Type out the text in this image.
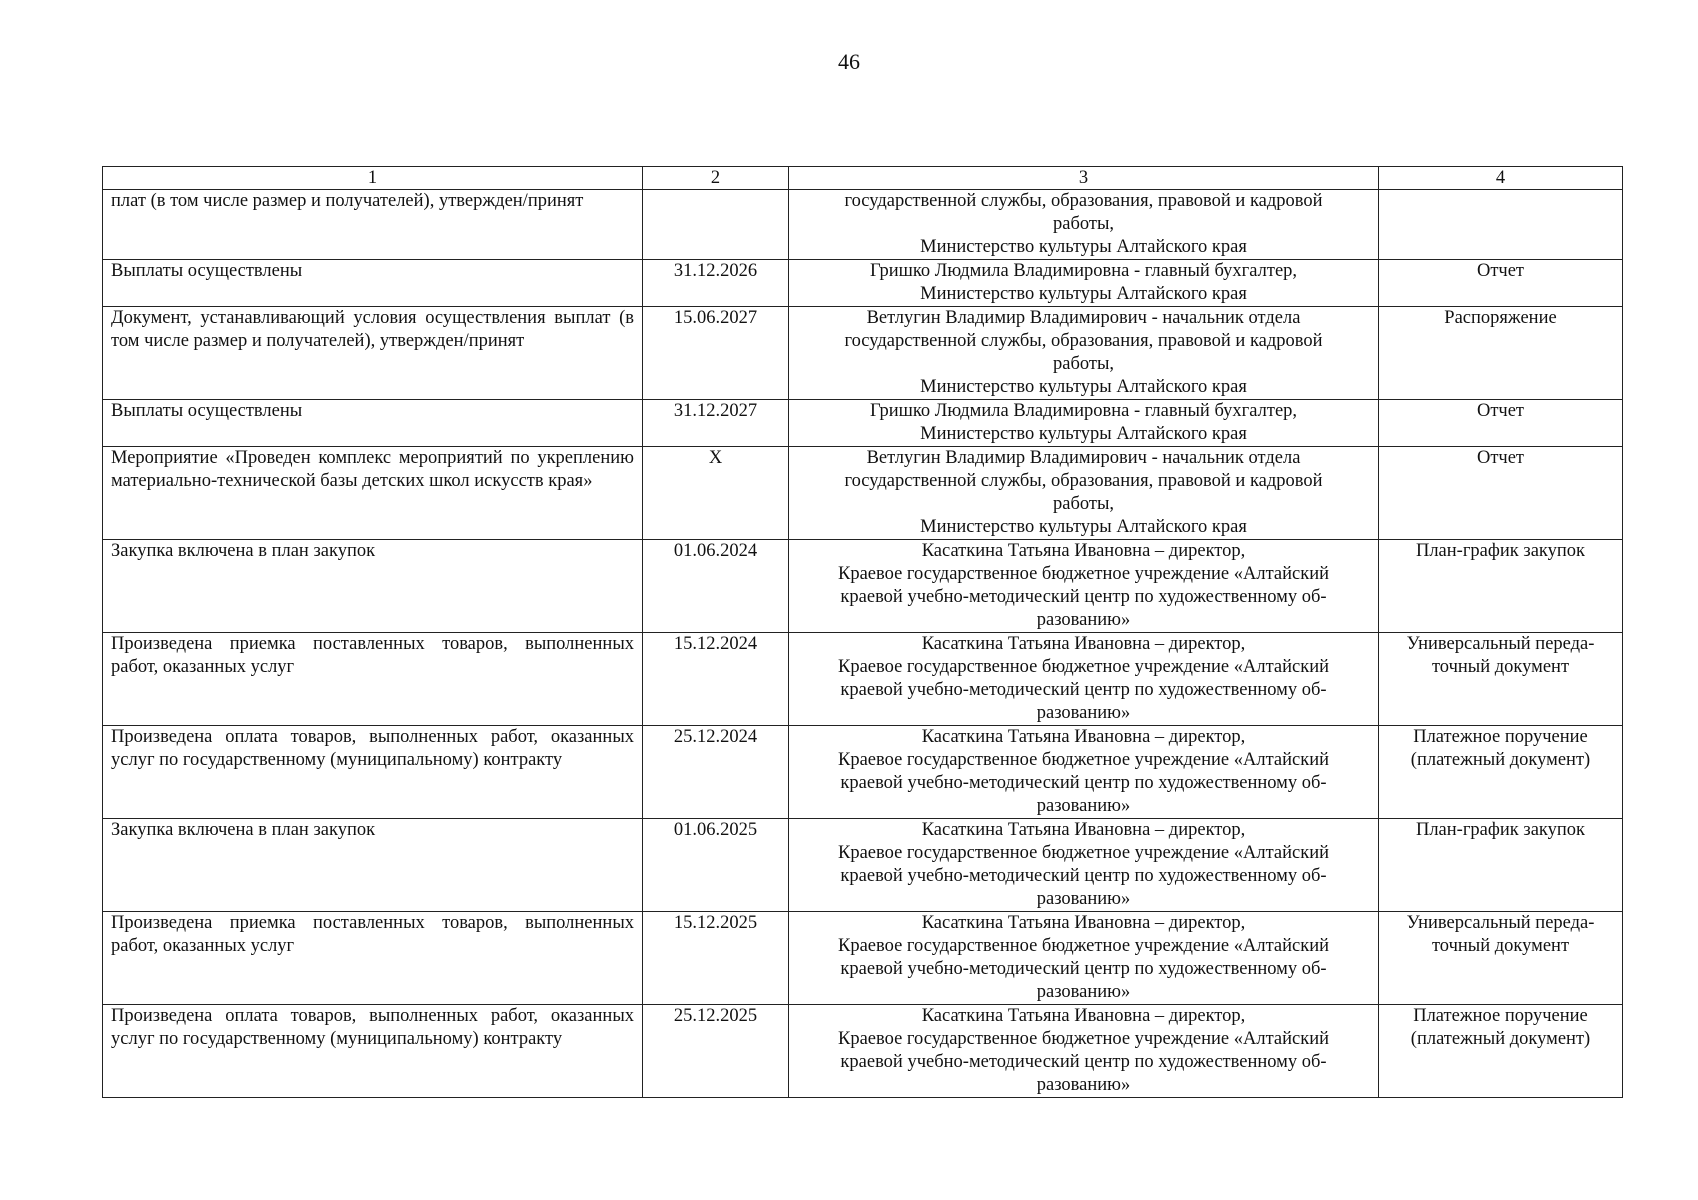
46
1	2	3	4
плат (в том числе размер и получателей), утвержден/принят		государственной службы, образования, правовой и кадровой
работы,
Министерство культуры Алтайского края	

Выплаты осуществлены	31.12.2026	Гришко Людмила Владимировна - главный бухгалтер,
Министерство культуры Алтайского края	Отчет
Документ, устанавливающий условия осуществления выплат (в том числе размер и получателей), утвержден/принят	15.06.2027	Ветлугин Владимир Владимирович - начальник отдела
государственной службы, образования, правовой и кадровой
работы,
Министерство культуры Алтайского края	Распоряжение
Выплаты осуществлены	31.12.2027	Гришко Людмила Владимировна - главный бухгалтер,
Министерство культуры Алтайского края	Отчет
Мероприятие «Проведен комплекс мероприятий по укреплению материально-технической базы детских школ искусств края»	X	Ветлугин Владимир Владимирович - начальник отдела
государственной службы, образования, правовой и кадровой
работы,
Министерство культуры Алтайского края	Отчет
Закупка включена в план закупок	01.06.2024	Касаткина Татьяна Ивановна – директор,
Краевое государственное бюджетное учреждение «Алтайский
краевой учебно-методический центр по художественному об-
разованию»	План-график закупок
Произведена приемка поставленных товаров, выполненных работ, оказанных услуг	15.12.2024	Касаткина Татьяна Ивановна – директор,
Краевое государственное бюджетное учреждение «Алтайский
краевой учебно-методический центр по художественному об-
разованию»	Универсальный переда-точный документ
Произведена оплата товаров, выполненных работ, оказанных услуг по государственному (муниципальному) контракту	25.12.2024	Касаткина Татьяна Ивановна – директор,
Краевое государственное бюджетное учреждение «Алтайский
краевой учебно-методический центр по художественному об-
разованию»	Платежное поручение (платежный документ)
Закупка включена в план закупок	01.06.2025	Касаткина Татьяна Ивановна – директор,
Краевое государственное бюджетное учреждение «Алтайский
краевой учебно-методический центр по художественному об-
разованию»	План-график закупок
Произведена приемка поставленных товаров, выполненных работ, оказанных услуг	15.12.2025	Касаткина Татьяна Ивановна – директор,
Краевое государственное бюджетное учреждение «Алтайский
краевой учебно-методический центр по художественному об-
разованию»	Универсальный переда-точный документ
Произведена оплата товаров, выполненных работ, оказанных услуг по государственному (муниципальному) контракту	25.12.2025	Касаткина Татьяна Ивановна – директор,
Краевое государственное бюджетное учреждение «Алтайский
краевой учебно-методический центр по художественному об-
разованию»	Платежное поручение (платежный документ)
